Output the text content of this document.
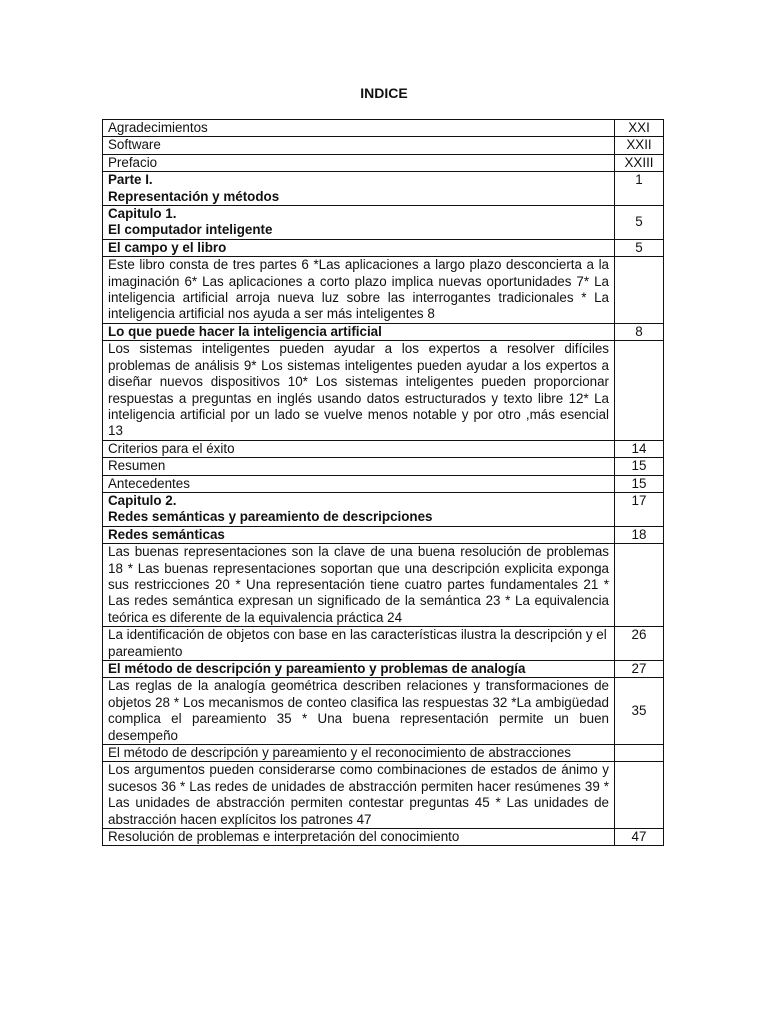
INDICE
Agradecimientos	XXI

Software	XXII

Prefacio	XXIII

Parte I.
Representación y métodos	1

Capitulo 1.
El computador inteligente	5

El campo y el libro	5

Este libro consta de tres partes 6 *Las aplicaciones a largo plazo desconcierta a la imaginación 6* Las aplicaciones a corto plazo implica nuevas oportunidades 7* La inteligencia artificial arroja nueva luz sobre las interrogantes tradicionales * La inteligencia artificial nos ayuda a ser más inteligentes 8	

Lo que puede hacer la inteligencia artificial	8

Los sistemas inteligentes pueden ayudar a los expertos a resolver difíciles problemas de análisis 9* Los sistemas inteligentes pueden ayudar a los expertos a diseñar nuevos dispositivos 10* Los sistemas inteligentes pueden proporcionar respuestas a preguntas en inglés usando datos estructurados y texto libre 12* La inteligencia artificial por un lado se vuelve menos notable y por otro ,más esencial 13	

Criterios para el éxito	14

Resumen	15

Antecedentes	15

Capitulo 2.
Redes semánticas y pareamiento de descripciones	17

Redes semánticas	18

Las buenas representaciones son la clave de una buena resolución de problemas 18 * Las buenas representaciones soportan que una descripción explicita exponga sus restricciones 20 * Una representación tiene cuatro partes fundamentales 21 * Las redes semántica expresan un significado de la semántica 23 * La equivalencia teórica es diferente de la equivalencia práctica 24	

La identificación de objetos con base en las características ilustra la descripción y el pareamiento	26

El método de descripción y pareamiento y problemas de analogía	27

Las reglas de la analogía geométrica describen relaciones y transformaciones de objetos 28 * Los mecanismos de conteo clasifica las respuestas 32 *La ambigüedad complica el pareamiento 35 * Una buena representación permite un buen desempeño	35

El método de descripción y pareamiento y el reconocimiento de abstracciones	

Los argumentos pueden considerarse como combinaciones de estados de ánimo y sucesos 36 * Las redes de unidades de abstracción permiten hacer resúmenes 39 * Las unidades de abstracción permiten contestar preguntas 45 * Las unidades de abstracción hacen explícitos los patrones 47	

Resolución de problemas e interpretación del conocimiento	47
